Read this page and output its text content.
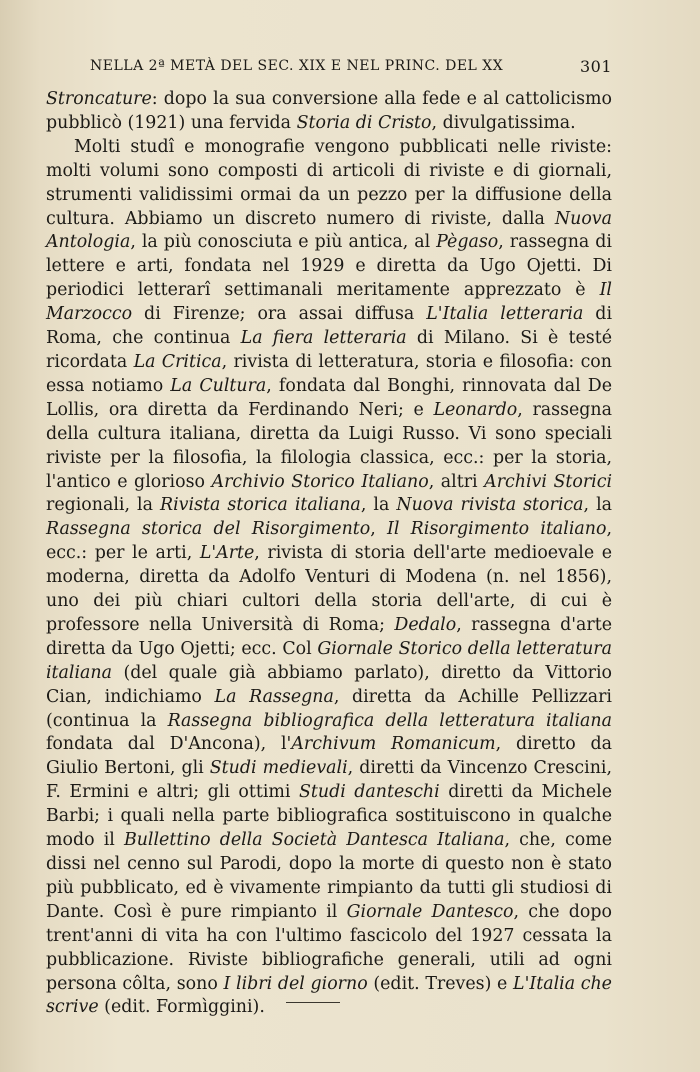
NELLA 2ª METÀ DEL SEC. XIX E NEL PRINC. DEL XX	301

Stroncature: dopo la sua conversione alla fede e al cattolicismo pubblicò (1921) una fervida Storia di Cristo, divulgatissima.

Molti studî e monografie vengono pubblicati nelle riviste: molti volumi sono composti di articoli di riviste e di giornali, strumenti validissimi ormai da un pezzo per la diffusione della cultura. Abbiamo un discreto numero di riviste, dalla Nuova Antologia, la più conosciuta e più antica, al Pègaso, rassegna di lettere e arti, fondata nel 1929 e diretta da Ugo Ojetti. Di periodici letterarî settimanali meritamente apprezzato è Il Marzocco di Firenze; ora assai diffusa L'Italia letteraria di Roma, che continua La fiera letteraria di Milano. Si è testé ricordata La Critica, rivista di letteratura, storia e filosofia: con essa notiamo La Cultura, fondata dal Bonghi, rinnovata dal De Lollis, ora diretta da Ferdinando Neri; e Leonardo, rassegna della cultura italiana, diretta da Luigi Russo. Vi sono speciali riviste per la filosofia, la filologia classica, ecc.: per la storia, l'antico e glorioso Archivio Storico Italiano, altri Archivi Storici regionali, la Rivista storica italiana, la Nuova rivista storica, la Rassegna storica del Risorgimento, Il Risorgimento italiano, ecc.: per le arti, L'Arte, rivista di storia dell'arte medioevale e moderna, diretta da Adolfo Venturi di Modena (n. nel 1856), uno dei più chiari cultori della storia dell'arte, di cui è professore nella Università di Roma; Dedalo, rassegna d'arte diretta da Ugo Ojetti; ecc. Col Giornale Storico della letteratura italiana (del quale già abbiamo parlato), diretto da Vittorio Cian, indichiamo La Rassegna, diretta da Achille Pellizzari (continua la Rassegna bibliografica della letteratura italiana fondata dal D'Ancona), l'Archivum Romanicum, diretto da Giulio Bertoni, gli Studi medievali, diretti da Vincenzo Crescini, F. Ermini e altri; gli ottimi Studi danteschi diretti da Michele Barbi; i quali nella parte bibliografica sostituiscono in qualche modo il Bullettino della Società Dantesca Italiana, che, come dissi nel cenno sul Parodi, dopo la morte di questo non è stato più pubblicato, ed è vivamente rimpianto da tutti gli studiosi di Dante. Così è pure rimpianto il Giornale Dantesco, che dopo trent'anni di vita ha con l'ultimo fascicolo del 1927 cessata la pubblicazione. Riviste bibliografiche generali, utili ad ogni persona côlta, sono I libri del giorno (edit. Treves) e L'Italia che scrive (edit. Formìggini).
